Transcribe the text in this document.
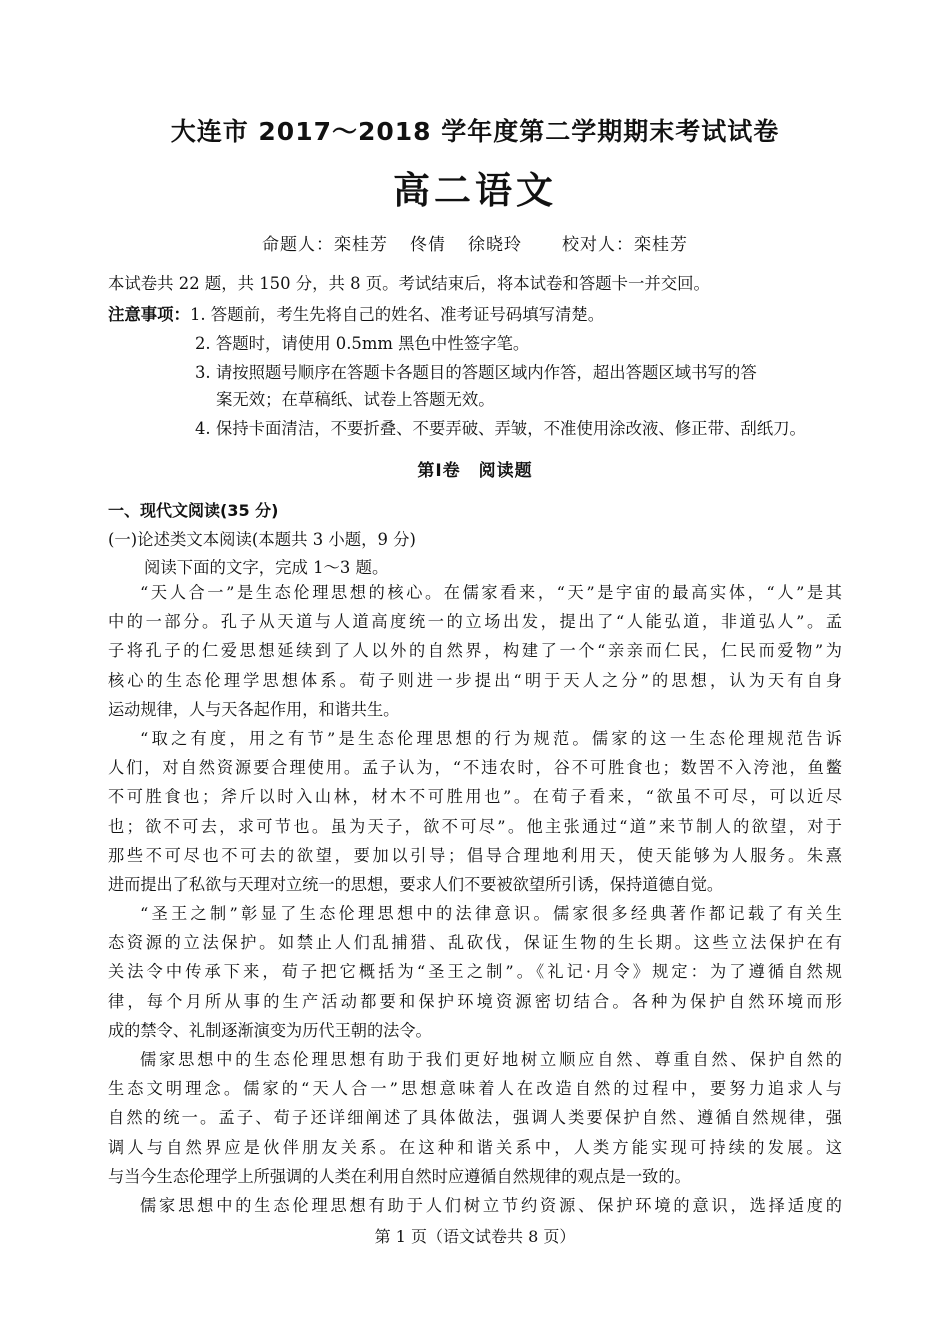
大连市 2017～2018 学年度第二学期期末考试试卷
高二语文
命题人：栾桂芳 佟倩 徐晓玲 校对人：栾桂芳
本试卷共 22 题，共 150 分，共 8 页。考试结束后，将本试卷和答题卡一并交回。
注意事项：1. 答题前，考生先将自己的姓名、准考证号码填写清楚。
2. 答题时，请使用 0.5mm 黑色中性签字笔。
3. 请按照题号顺序在答题卡各题目的答题区域内作答，超出答题区域书写的答
案无效；在草稿纸、试卷上答题无效。
4. 保持卡面清洁，不要折叠、不要弄破、弄皱，不准使用涂改液、修正带、刮纸刀。
第Ⅰ卷　阅读题
一、现代文阅读(35 分)
(一)论述类文本阅读(本题共 3 小题，9 分)
阅读下面的文字，完成 1～3 题。

“天人合一”是生态伦理思想的核心。在儒家看来，“天”是宇宙的最高实体，“人”是其

中的一部分。孔子从天道与人道高度统一的立场出发，提出了“人能弘道，非道弘人”。孟

子将孔子的仁爱思想延续到了人以外的自然界，构建了一个“亲亲而仁民，仁民而爱物”为

核心的生态伦理学思想体系。荀子则进一步提出“明于天人之分”的思想，认为天有自身

运动规律，人与天各起作用，和谐共生。

“取之有度，用之有节”是生态伦理思想的行为规范。儒家的这一生态伦理规范告诉

人们，对自然资源要合理使用。孟子认为，“不违农时，谷不可胜食也；数罟不入洿池，鱼鳖

不可胜食也；斧斤以时入山林，材木不可胜用也”。在荀子看来，“欲虽不可尽，可以近尽

也；欲不可去，求可节也。虽为天子，欲不可尽”。他主张通过“道”来节制人的欲望，对于

那些不可尽也不可去的欲望，要加以引导；倡导合理地利用天，使天能够为人服务。朱熹

进而提出了私欲与天理对立统一的思想，要求人们不要被欲望所引诱，保持道德自觉。

“圣王之制”彰显了生态伦理思想中的法律意识。儒家很多经典著作都记载了有关生

态资源的立法保护。如禁止人们乱捕猎、乱砍伐，保证生物的生长期。这些立法保护在有

关法令中传承下来，荀子把它概括为“圣王之制”。《礼记·月令》规定：为了遵循自然规

律，每个月所从事的生产活动都要和保护环境资源密切结合。各种为保护自然环境而形

成的禁令、礼制逐渐演变为历代王朝的法令。

儒家思想中的生态伦理思想有助于我们更好地树立顺应自然、尊重自然、保护自然的

生态文明理念。儒家的“天人合一”思想意味着人在改造自然的过程中，要努力追求人与

自然的统一。孟子、荀子还详细阐述了具体做法，强调人类要保护自然、遵循自然规律，强

调人与自然界应是伙伴朋友关系。在这种和谐关系中，人类方能实现可持续的发展。这

与当今生态伦理学上所强调的人类在利用自然时应遵循自然规律的观点是一致的。

儒家思想中的生态伦理思想有助于人们树立节约资源、保护环境的意识，选择适度的

第 1 页（语文试卷共 8 页）
